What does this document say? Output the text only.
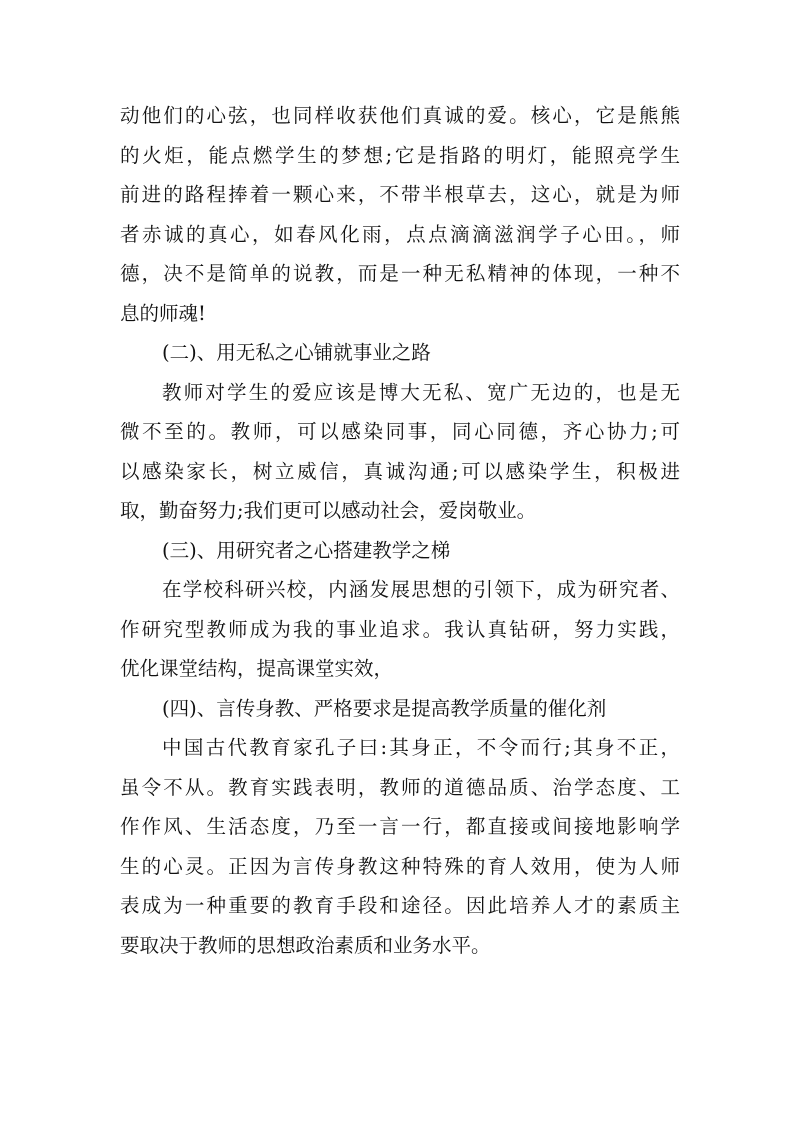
动他们的心弦，也同样收获他们真诚的爱。核心，它是熊熊
的火炬，能点燃学生的梦想;它是指路的明灯，能照亮学生
前进的路程捧着一颗心来，不带半根草去，这心，就是为师
者赤诚的真心，如春风化雨，点点滴滴滋润学子心田。，师
德，决不是简单的说教，而是一种无私精神的体现，一种不
息的师魂!
(二)、用无私之心铺就事业之路
教师对学生的爱应该是博大无私、宽广无边的，也是无
微不至的。教师，可以感染同事，同心同德，齐心协力;可
以感染家长，树立威信，真诚沟通;可以感染学生，积极进
取，勤奋努力;我们更可以感动社会，爱岗敬业。
(三)、用研究者之心搭建教学之梯
在学校科研兴校，内涵发展思想的引领下，成为研究者、
作研究型教师成为我的事业追求。我认真钻研，努力实践，
优化课堂结构，提高课堂实效，
(四)、言传身教、严格要求是提高教学质量的催化剂
中国古代教育家孔子曰:其身正，不令而行;其身不正，
虽令不从。教育实践表明，教师的道德品质、治学态度、工
作作风、生活态度，乃至一言一行，都直接或间接地影响学
生的心灵。正因为言传身教这种特殊的育人效用，使为人师
表成为一种重要的教育手段和途径。因此培养人才的素质主
要取决于教师的思想政治素质和业务水平。
